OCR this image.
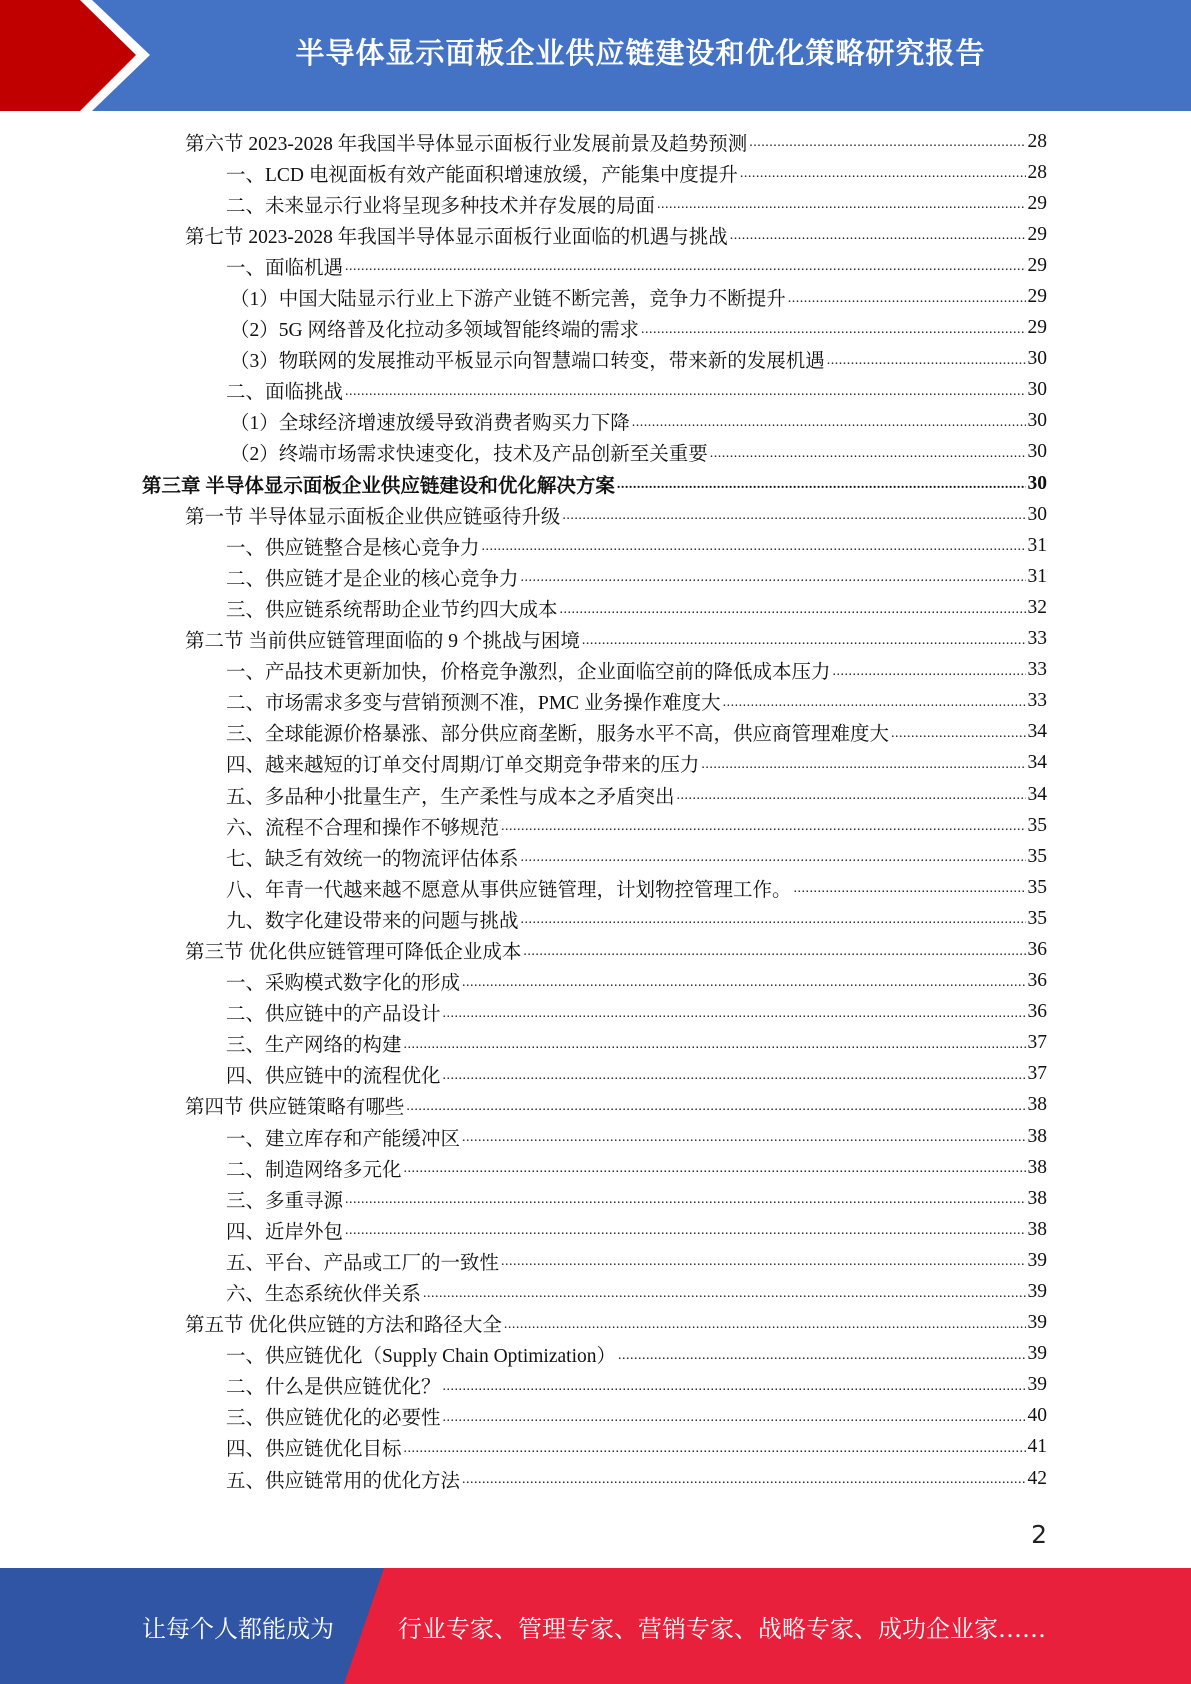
半导体显示面板企业供应链建设和优化策略研究报告
第六节 2023-2028 年我国半导体显示面板行业发展前景及趋势预测 .....	28
一、LCD 电视面板有效产能面积增速放缓，产能集中度提升 .....	28
二、未来显示行业将呈现多种技术并存发展的局面 .....	29
第七节 2023-2028 年我国半导体显示面板行业面临的机遇与挑战 .....	29
一、面临机遇 .....	29
（1）中国大陆显示行业上下游产业链不断完善，竞争力不断提升 .....	29
（2）5G 网络普及化拉动多领域智能终端的需求 .....	29
（3）物联网的发展推动平板显示向智慧端口转变，带来新的发展机遇 .....	30
二、面临挑战 .....	30
（1）全球经济增速放缓导致消费者购买力下降 .....	30
（2）终端市场需求快速变化，技术及产品创新至关重要 .....	30
第三章 半导体显示面板企业供应链建设和优化解决方案 .....	30
第一节 半导体显示面板企业供应链亟待升级 .....	30
一、供应链整合是核心竞争力 .....	31
二、供应链才是企业的核心竞争力 .....	31
三、供应链系统帮助企业节约四大成本 .....	32
第二节 当前供应链管理面临的 9 个挑战与困境 .....	33
一、产品技术更新加快，价格竞争激烈，企业面临空前的降低成本压力 .....	33
二、市场需求多变与营销预测不准，PMC 业务操作难度大 .....	33
三、全球能源价格暴涨、部分供应商垄断，服务水平不高，供应商管理难度大 .....	34
四、越来越短的订单交付周期/订单交期竞争带来的压力 .....	34
五、多品种小批量生产，生产柔性与成本之矛盾突出 .....	34
六、流程不合理和操作不够规范 .....	35
七、缺乏有效统一的物流评估体系 .....	35
八、年青一代越来越不愿意从事供应链管理，计划物控管理工作。 .....	35
九、数字化建设带来的问题与挑战 .....	35
第三节 优化供应链管理可降低企业成本 .....	36
一、采购模式数字化的形成 .....	36
二、供应链中的产品设计 .....	36
三、生产网络的构建 .....	37
四、供应链中的流程优化 .....	37
第四节 供应链策略有哪些 .....	38
一、建立库存和产能缓冲区 .....	38
二、制造网络多元化 .....	38
三、多重寻源 .....	38
四、近岸外包 .....	38
五、平台、产品或工厂的一致性 .....	39
六、生态系统伙伴关系 .....	39
第五节 优化供应链的方法和路径大全 .....	39
一、供应链优化（Supply Chain Optimization） .....	39
二、什么是供应链优化？ .....	39
三、供应链优化的必要性 .....	40
四、供应链优化目标 .....	41
五、供应链常用的优化方法 .....	42
2
让每个人都能成为	行业专家、管理专家、营销专家、战略专家、成功企业家……
